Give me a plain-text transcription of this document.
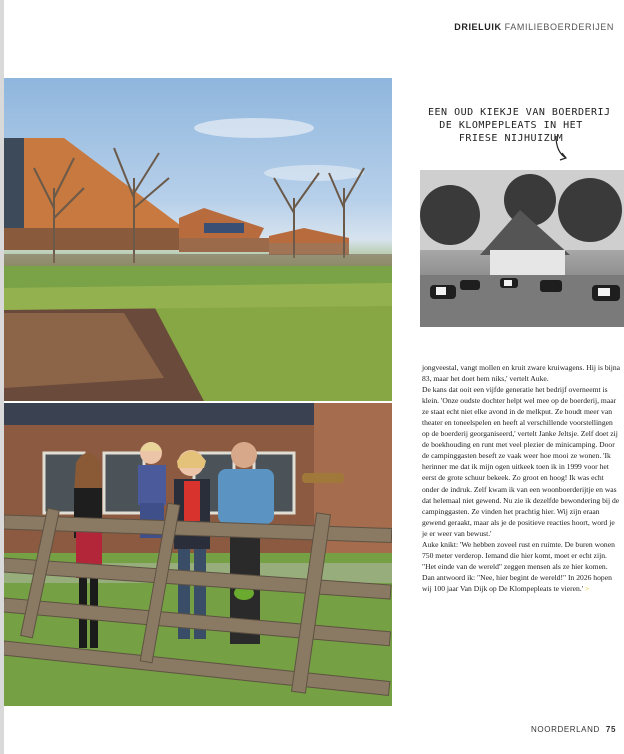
DRIELUIK FAMILIEBOERDERIJEN
EEN OUD KIEKJE VAN BOERDERIJ
DE KLOMPEPLEATS IN HET
FRIESE NIJHUIZUM

jongveestal, vangt mollen en kruit zware kruiwagens. Hij is bijna 83, maar het doet hem niks,' vertelt Auke.

De kans dat ooit een vijfde generatie het bedrijf overneemt is klein. 'Onze oudste dochter helpt wel mee op de boerderij, maar ze staat echt niet elke avond in de melkput. Ze houdt meer van theater en toneelspelen en heeft al verschillende voorstellingen op de boerderij georganiseerd,' vertelt Janke Jeltsje. Zelf doet zij de boekhouding en runt met veel plezier de minicamping. Door de campinggasten beseft ze vaak weer hoe mooi ze wonen. 'Ik herinner me dat ik mijn ogen uitkeek toen ik in 1999 voor het eerst de grote schuur bekeek. Zo groot en hoog! Ik was echt onder de indruk. Zelf kwam ik van een woonboerderijtje en was dat helemaal niet gewend. Nu zie ik dezelfde bewondering bij de campinggasten. Ze vinden het prachtig hier. Wij zijn eraan gewend geraakt, maar als je de positieve reacties hoort, word je je er weer van bewust.'

Auke knikt: 'We hebben zoveel rust en ruimte. De buren wonen 750 meter verderop. Iemand die hier komt, moet er echt zijn. "Het einde van de wereld" zeggen mensen als ze hier komen. Dan antwoord ik: "Nee, hier begint de wereld!" In 2026 hopen wij 100 jaar Van Dijk op De Klompepleats te vieren.' >

NOORDERLAND 75
